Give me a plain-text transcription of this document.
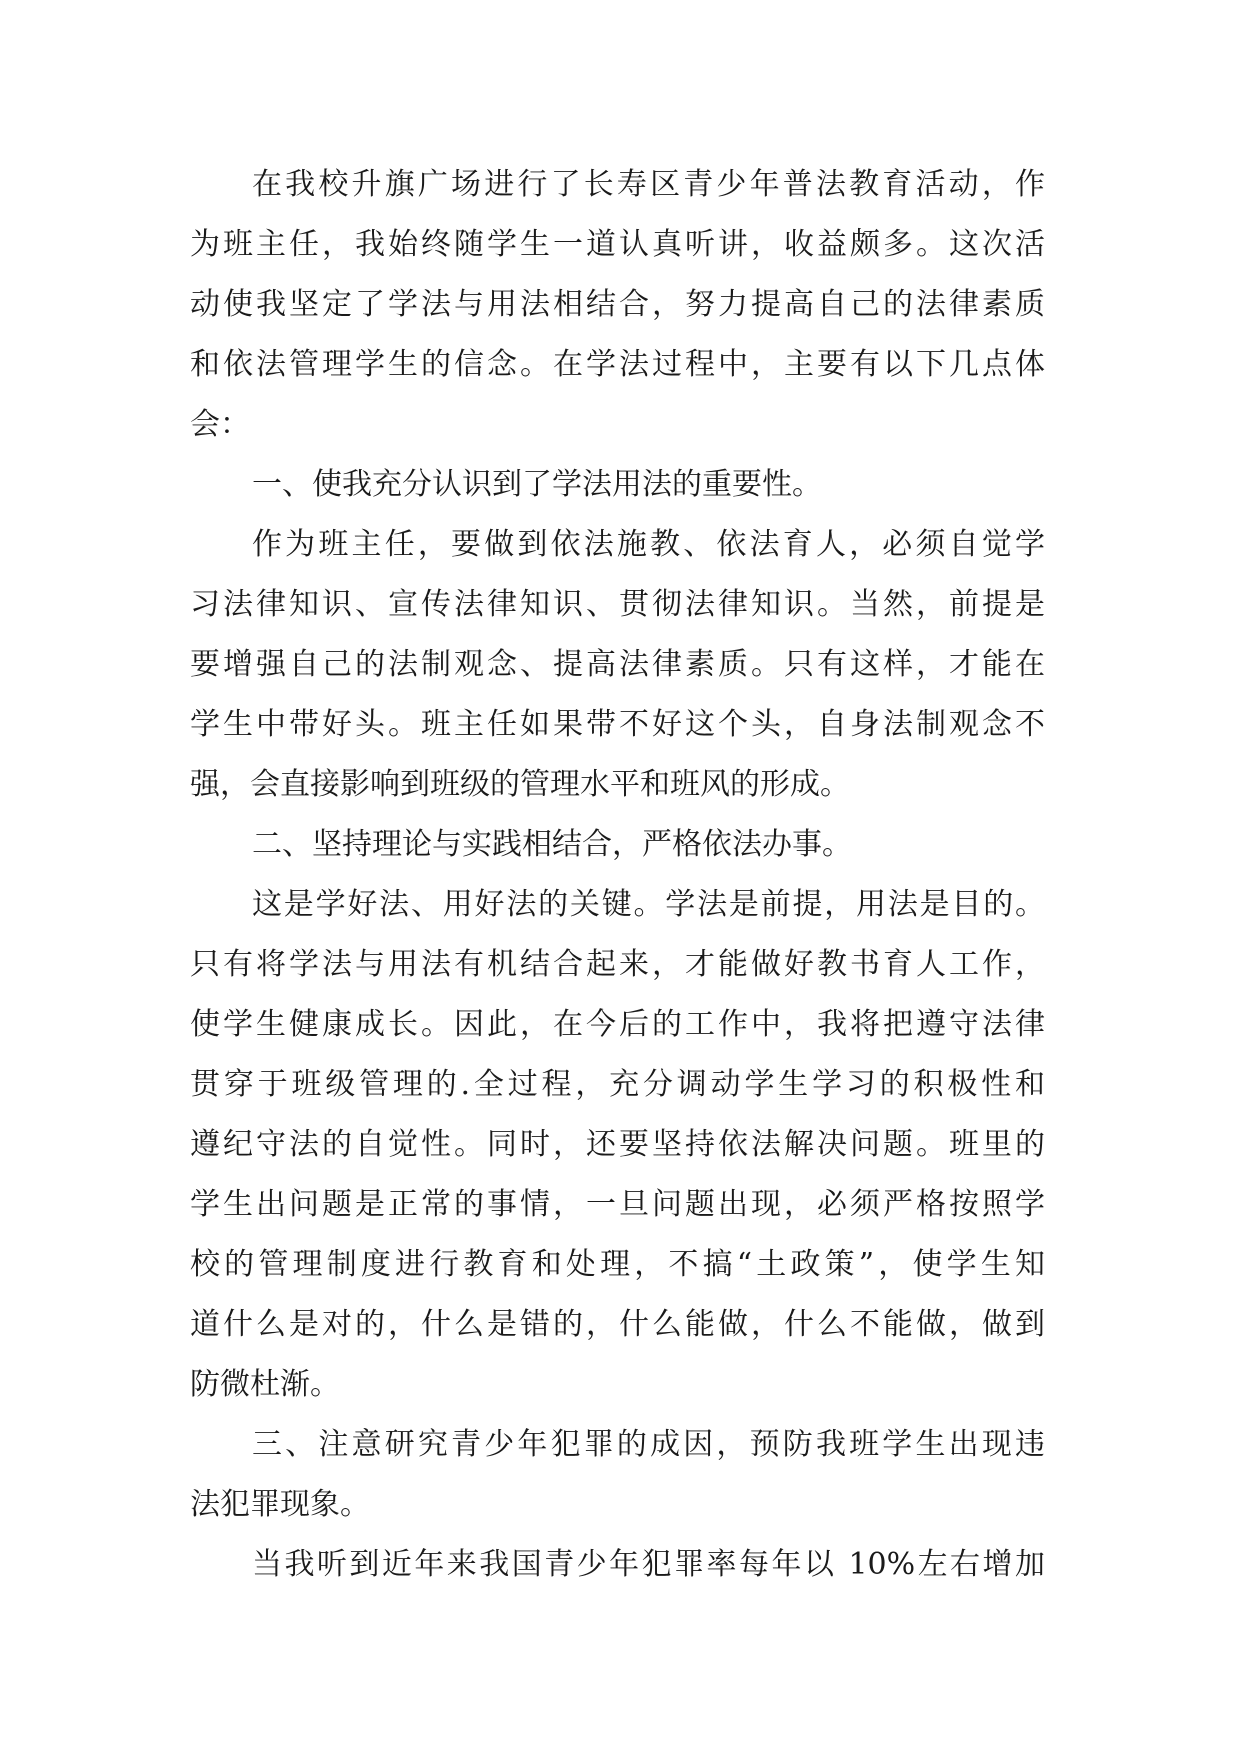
在我校升旗广场进行了长寿区青少年普法教育活动，作
为班主任，我始终随学生一道认真听讲，收益颇多。这次活
动使我坚定了学法与用法相结合，努力提高自己的法律素质
和依法管理学生的信念。在学法过程中，主要有以下几点体
会：
一、使我充分认识到了学法用法的重要性。
作为班主任，要做到依法施教、依法育人，必须自觉学
习法律知识、宣传法律知识、贯彻法律知识。当然，前提是
要增强自己的法制观念、提高法律素质。只有这样，才能在
学生中带好头。班主任如果带不好这个头，自身法制观念不
强，会直接影响到班级的管理水平和班风的形成。
二、坚持理论与实践相结合，严格依法办事。
这是学好法、用好法的关键。学法是前提，用法是目的。
只有将学法与用法有机结合起来，才能做好教书育人工作，
使学生健康成长。因此，在今后的工作中，我将把遵守法律
贯穿于班级管理的.全过程，充分调动学生学习的积极性和
遵纪守法的自觉性。同时，还要坚持依法解决问题。班里的
学生出问题是正常的事情，一旦问题出现，必须严格按照学
校的管理制度进行教育和处理，不搞“土政策”，使学生知
道什么是对的，什么是错的，什么能做，什么不能做，做到
防微杜渐。
三、注意研究青少年犯罪的成因，预防我班学生出现违
法犯罪现象。
当我听到近年来我国青少年犯罪率每年以 10%左右增加
